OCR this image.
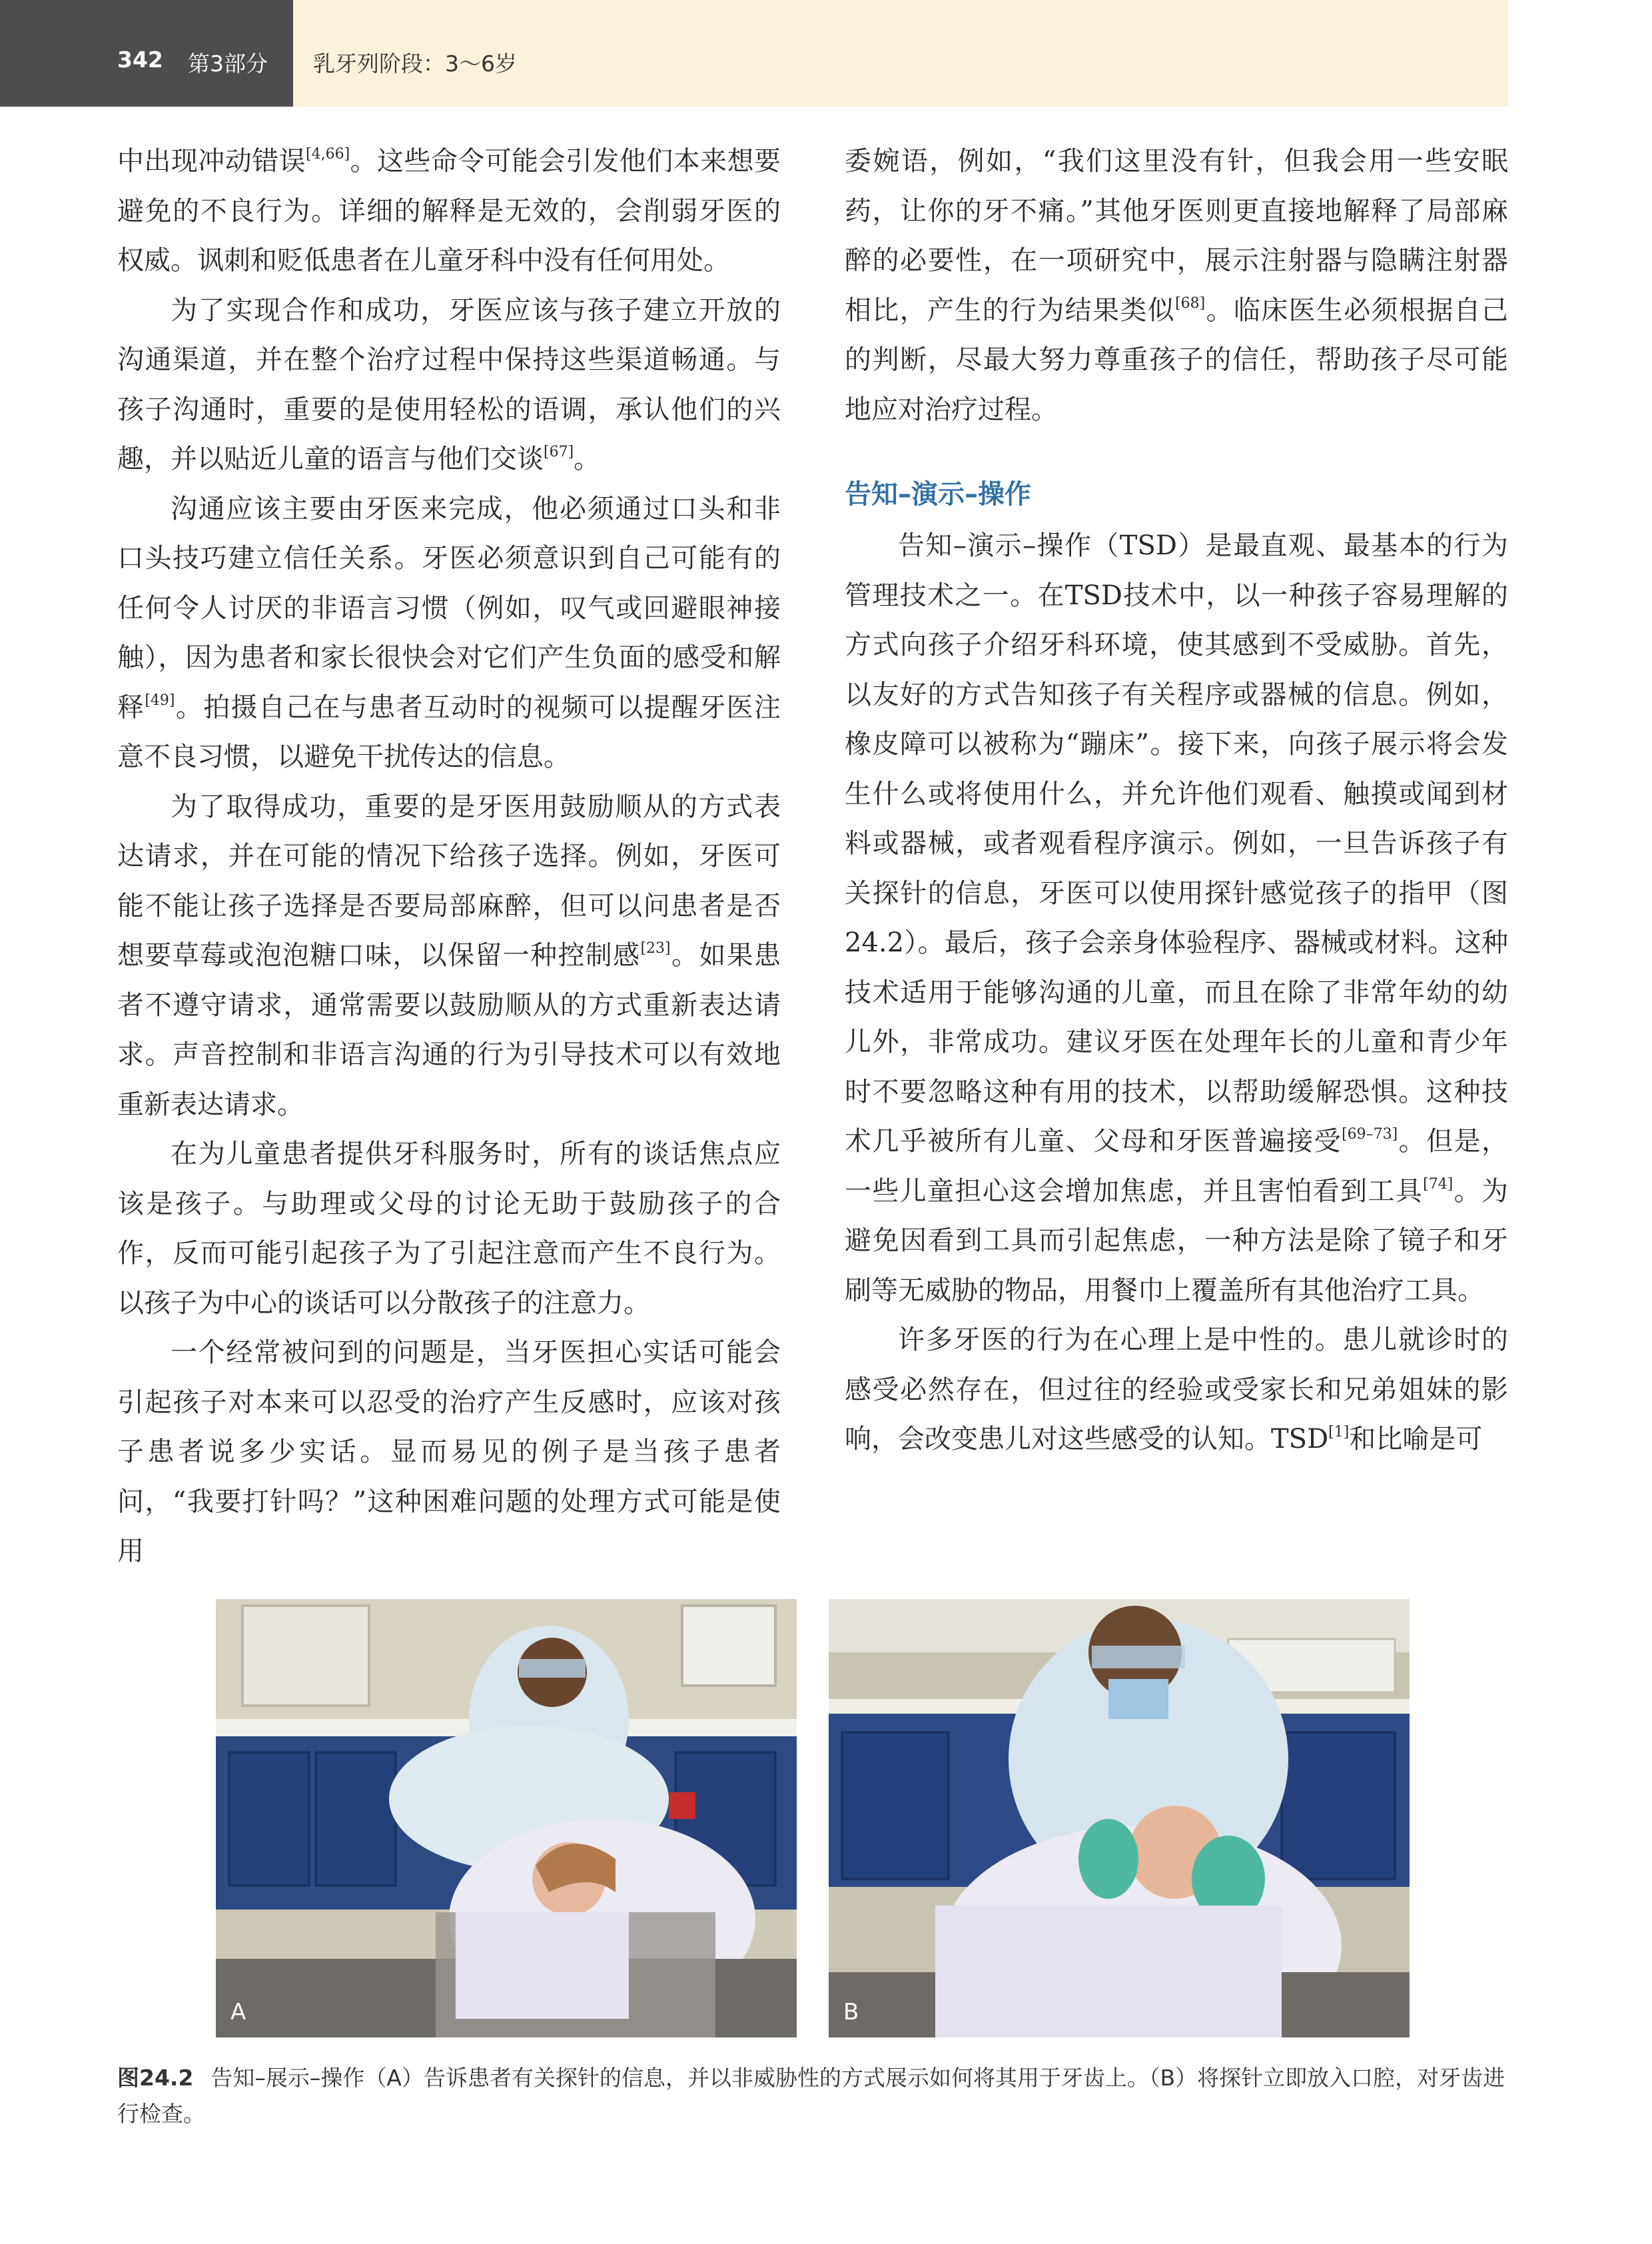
342 第3部分 乳牙列阶段：3～6岁

中出现冲动错误[4,66]。这些命令可能会引发他们本来想要避免的不良行为。详细的解释是无效的，会削弱牙医的权威。讽刺和贬低患者在儿童牙科中没有任何用处。

为了实现合作和成功，牙医应该与孩子建立开放的沟通渠道，并在整个治疗过程中保持这些渠道畅通。与孩子沟通时，重要的是使用轻松的语调，承认他们的兴趣，并以贴近儿童的语言与他们交谈[67]。

沟通应该主要由牙医来完成，他必须通过口头和非口头技巧建立信任关系。牙医必须意识到自己可能有的任何令人讨厌的非语言习惯（例如，叹气或回避眼神接触），因为患者和家长很快会对它们产生负面的感受和解释[49]。拍摄自己在与患者互动时的视频可以提醒牙医注意不良习惯，以避免干扰传达的信息。

为了取得成功，重要的是牙医用鼓励顺从的方式表达请求，并在可能的情况下给孩子选择。例如，牙医可能不能让孩子选择是否要局部麻醉，但可以问患者是否想要草莓或泡泡糖口味，以保留一种控制感[23]。如果患者不遵守请求，通常需要以鼓励顺从的方式重新表达请求。声音控制和非语言沟通的行为引导技术可以有效地重新表达请求。

在为儿童患者提供牙科服务时，所有的谈话焦点应该是孩子。与助理或父母的讨论无助于鼓励孩子的合作，反而可能引起孩子为了引起注意而产生不良行为。以孩子为中心的谈话可以分散孩子的注意力。

一个经常被问到的问题是，当牙医担心实话可能会引起孩子对本来可以忍受的治疗产生反感时，应该对孩子患者说多少实话。显而易见的例子是当孩子患者问，“我要打针吗？”这种困难问题的处理方式可能是使用

委婉语，例如，“我们这里没有针，但我会用一些安眠药，让你的牙不痛。”其他牙医则更直接地解释了局部麻醉的必要性，在一项研究中，展示注射器与隐瞒注射器相比，产生的行为结果类似[68]。临床医生必须根据自己的判断，尽最大努力尊重孩子的信任，帮助孩子尽可能地应对治疗过程。

告知–演示–操作

告知–演示–操作（TSD）是最直观、最基本的行为管理技术之一。在TSD技术中，以一种孩子容易理解的方式向孩子介绍牙科环境，使其感到不受威胁。首先，以友好的方式告知孩子有关程序或器械的信息。例如，橡皮障可以被称为“蹦床”。接下来，向孩子展示将会发生什么或将使用什么，并允许他们观看、触摸或闻到材料或器械，或者观看程序演示。例如，一旦告诉孩子有关探针的信息，牙医可以使用探针感觉孩子的指甲（图24.2）。最后，孩子会亲身体验程序、器械或材料。这种技术适用于能够沟通的儿童，而且在除了非常年幼的幼儿外，非常成功。建议牙医在处理年长的儿童和青少年时不要忽略这种有用的技术，以帮助缓解恐惧。这种技术几乎被所有儿童、父母和牙医普遍接受[69–73]。但是，一些儿童担心这会增加焦虑，并且害怕看到工具[74]。为避免因看到工具而引起焦虑，一种方法是除了镜子和牙刷等无威胁的物品，用餐巾上覆盖所有其他治疗工具。

许多牙医的行为在心理上是中性的。患儿就诊时的感受必然存在，但过往的经验或受家长和兄弟姐妹的影响，会改变患儿对这些感受的认知。TSD[1]和比喻是可

A	B
图24.2 告知–展示–操作（A）告诉患者有关探针的信息，并以非威胁性的方式展示如何将其用于牙齿上。（B）将探针立即放入口腔，对牙齿进行检查。
